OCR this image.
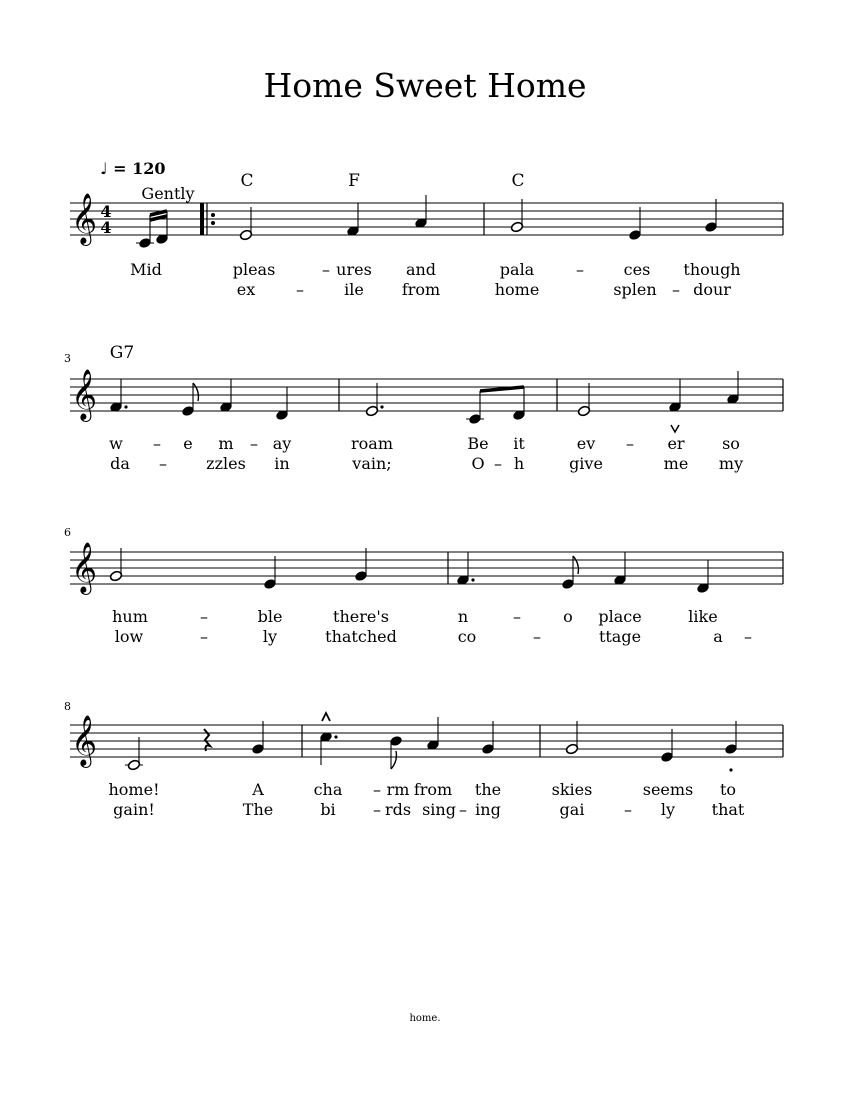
Home Sweet Home
𝄞 4
4
♩ = 120
Gently
C	F	C
Mid	pleas	– ures and	pala	– ces though
ex	–	ile from	home	splen – dour
𝄞
3 G7
w – e m – ay	roam	Be it	ev – er so
da – zzles in	vain;	O – h	give	me my
𝄞
6
hum	–	ble	there's	n	–	o place	like
low	–	ly	thatched	co	–	ttage	a –
𝄞
8
home!	A	cha – rm from the	skies	seems to
gain!	The	bi – rds sing – ing	gai – ly that
home.
